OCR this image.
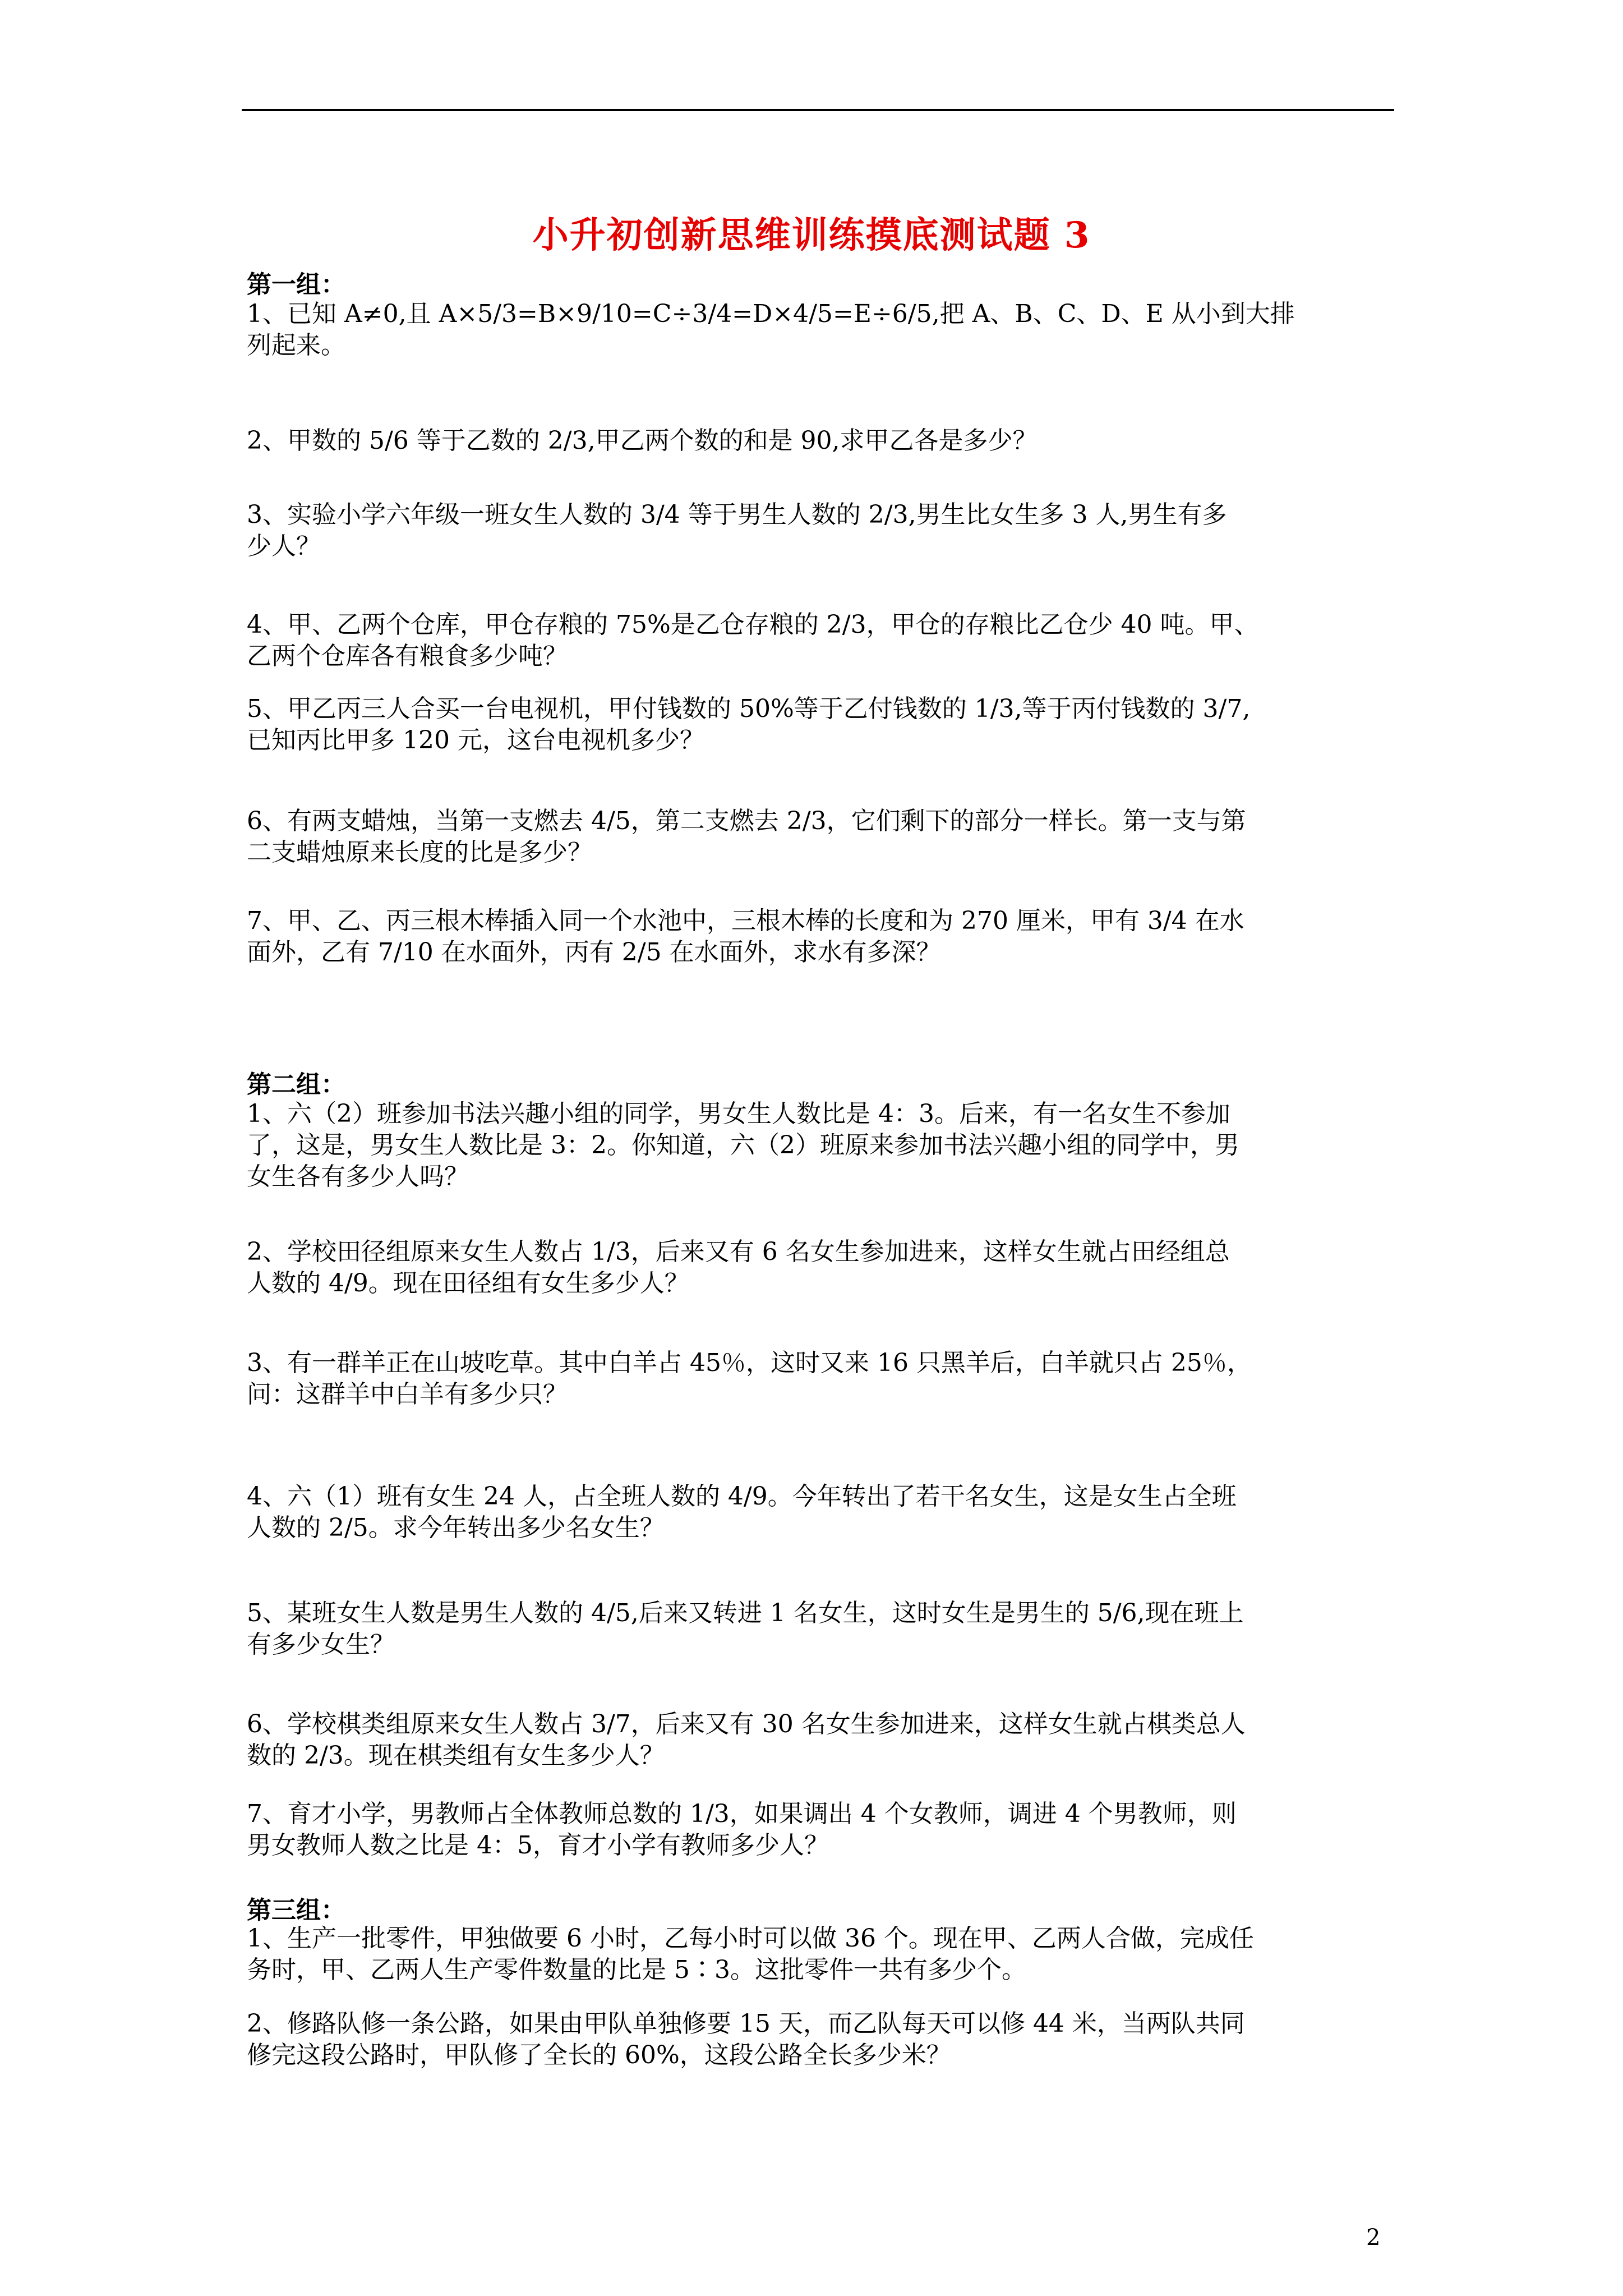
小升初创新思维训练摸底测试题 3
第一组：

1、已知 A≠0,且 A×5/3=B×9/10=C÷3/4=D×4/5=E÷6/5,把 A、B、C、D、E 从小到大排

列起来。

2、甲数的 5/6 等于乙数的 2/3,甲乙两个数的和是 90,求甲乙各是多少？

3、实验小学六年级一班女生人数的 3/4 等于男生人数的 2/3,男生比女生多 3 人,男生有多

少人？

4、甲、乙两个仓库，甲仓存粮的 75%是乙仓存粮的 2/3，甲仓的存粮比乙仓少 40 吨。甲、

乙两个仓库各有粮食多少吨？

5、甲乙丙三人合买一台电视机，甲付钱数的 50%等于乙付钱数的 1/3,等于丙付钱数的 3/7,

已知丙比甲多 120 元，这台电视机多少？

6、有两支蜡烛，当第一支燃去 4/5，第二支燃去 2/3，它们剩下的部分一样长。第一支与第

二支蜡烛原来长度的比是多少？

7、甲、乙、丙三根木棒插入同一个水池中，三根木棒的长度和为 270 厘米，甲有 3/4 在水

面外，乙有 7/10 在水面外，丙有 2/5 在水面外，求水有多深？

第二组：

1、六（2）班参加书法兴趣小组的同学，男女生人数比是 4：3。后来，有一名女生不参加

了，这是，男女生人数比是 3：2。你知道，六（2）班原来参加书法兴趣小组的同学中，男

女生各有多少人吗？

2、学校田径组原来女生人数占 1/3，后来又有 6 名女生参加进来，这样女生就占田经组总

人数的 4/9。现在田径组有女生多少人？

3、有一群羊正在山坡吃草。其中白羊占 45％，这时又来 16 只黑羊后，白羊就只占 25％，

问：这群羊中白羊有多少只？

4、六（1）班有女生 24 人，占全班人数的 4/9。今年转出了若干名女生，这是女生占全班

人数的 2/5。求今年转出多少名女生？

5、某班女生人数是男生人数的 4/5,后来又转进 1 名女生，这时女生是男生的 5/6,现在班上

有多少女生？

6、学校棋类组原来女生人数占 3/7，后来又有 30 名女生参加进来，这样女生就占棋类总人

数的 2/3。现在棋类组有女生多少人？

7、育才小学，男教师占全体教师总数的 1/3，如果调出 4 个女教师，调进 4 个男教师，则

男女教师人数之比是 4：5，育才小学有教师多少人？

第三组：

1、生产一批零件，甲独做要 6 小时，乙每小时可以做 36 个。现在甲、乙两人合做，完成任

务时，甲、乙两人生产零件数量的比是 5∶3。这批零件一共有多少个。

2、修路队修一条公路，如果由甲队单独修要 15 天，而乙队每天可以修 44 米，当两队共同

修完这段公路时，甲队修了全长的 60%，这段公路全长多少米？

2
